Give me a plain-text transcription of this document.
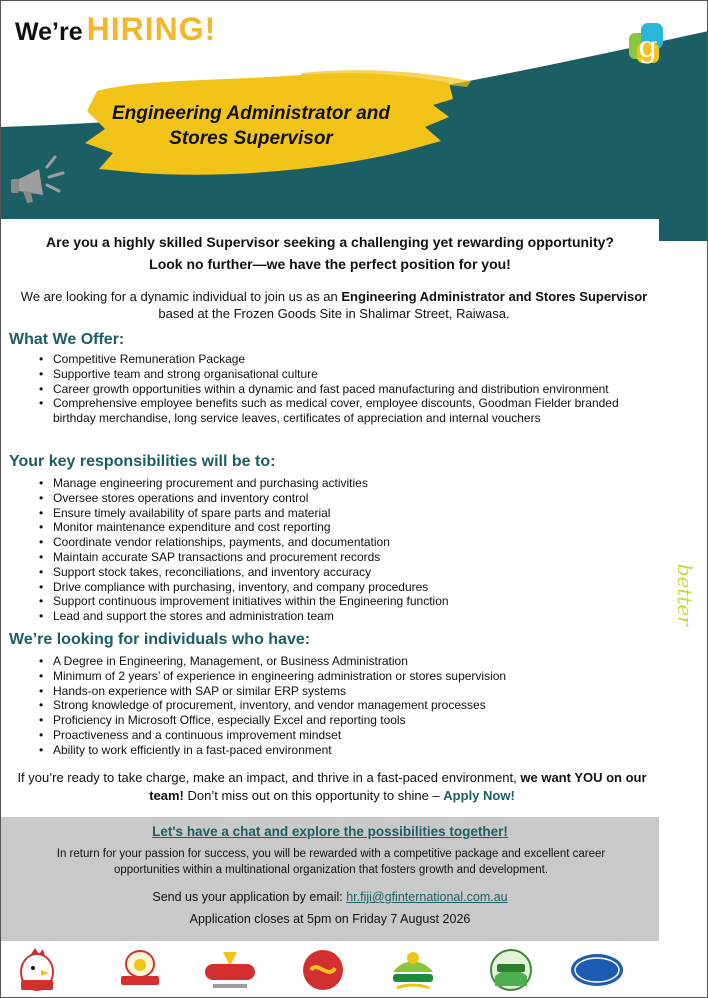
We’re HIRING!
g
goodman fielder
Engineering Administrator and
Stores Supervisor
MAKING EVERYDAY FOODbetterFOR EVERYONE
Are you a highly skilled Supervisor seeking a challenging yet rewarding opportunity?
Look no further—we have the perfect position for you!
We are looking for a dynamic individual to join us as an Engineering Administrator and Stores Supervisor based at the Frozen Goods Site in Shalimar Street, Raiwasa.
What We Offer:
• Competitive Remuneration Package
• Supportive team and strong organisational culture
• Career growth opportunities within a dynamic and fast paced manufacturing and distribution environment
• Comprehensive employee benefits such as medical cover, employee discounts, Goodman Fielder branded birthday merchandise, long service leaves, certificates of appreciation and internal vouchers
Your key responsibilities will be to:
• Manage engineering procurement and purchasing activities
• Oversee stores operations and inventory control
• Ensure timely availability of spare parts and material
• Monitor maintenance expenditure and cost reporting
• Coordinate vendor relationships, payments, and documentation
• Maintain accurate SAP transactions and procurement records
• Support stock takes, reconciliations, and inventory accuracy
• Drive compliance with purchasing, inventory, and company procedures
• Support continuous improvement initiatives within the Engineering function
• Lead and support the stores and administration team
We’re looking for individuals who have:
• A Degree in Engineering, Management, or Business Administration
• Minimum of 2 years’ of experience in engineering administration or stores supervision
• Hands-on experience with SAP or similar ERP systems
• Strong knowledge of procurement, inventory, and vendor management processes
• Proficiency in Microsoft Office, especially Excel and reporting tools
• Proactiveness and a continuous improvement mindset
• Ability to work efficiently in a fast-paced environment
If you’re ready to take charge, make an impact, and thrive in a fast-paced environment, we want YOU on our team! Don’t miss out on this opportunity to shine – Apply Now!
Let's have a chat and explore the possibilities together!
In return for your passion for success, you will be rewarded with a competitive package and excellent career opportunities within a multinational organization that fosters growth and development.
Send us your application by email: hr.fiji@gfinternational.com.au
Application closes at 5pm on Friday 7 August 2026
